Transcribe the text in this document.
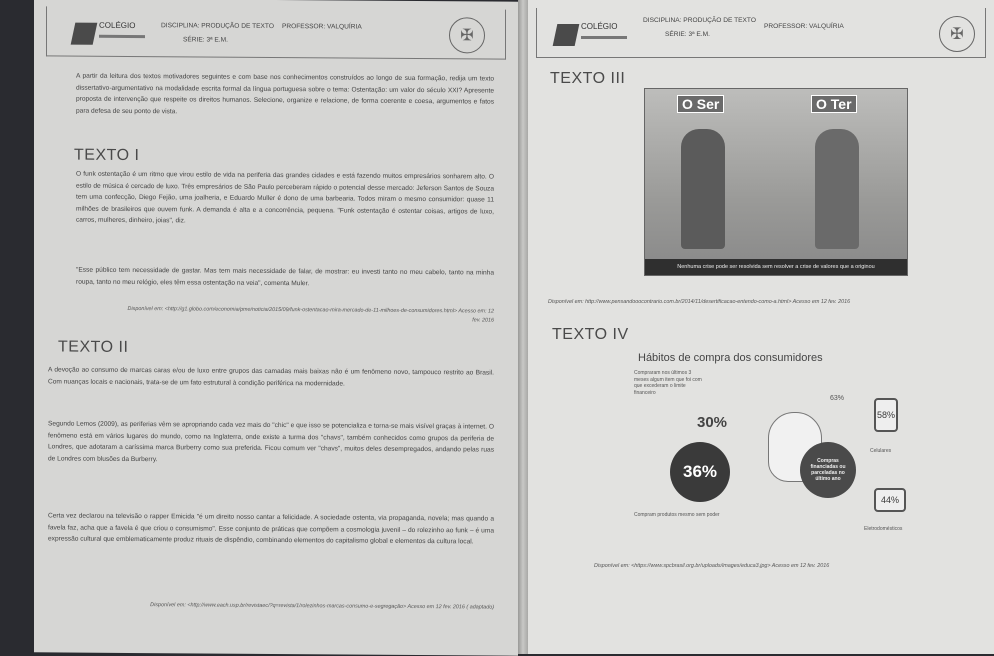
COLÉGIO	DISCIPLINA: PRODUÇÃO DE TEXTO
SÉRIE: 3ª E.M.
PROFESSOR: VALQUÍRIA
✠
A partir da leitura dos textos motivadores seguintes e com base nos conhecimentos construídos ao longo de sua formação, redija um texto dissertativo-argumentativo na modalidade escrita formal da língua portuguesa sobre o tema: Ostentação: um valor do século XXI? Apresente proposta de intervenção que respeite os direitos humanos. Selecione, organize e relacione, de forma coerente e coesa, argumentos e fatos para defesa de seu ponto de vista.
TEXTO I
O funk ostentação é um ritmo que virou estilo de vida na periferia das grandes cidades e está fazendo muitos empresários sonharem alto. O estilo de música é cercado de luxo. Três empresários de São Paulo perceberam rápido o potencial desse mercado: Jeferson Santos de Souza tem uma confecção, Diego Fejão, uma joalheria, e Eduardo Muller é dono de uma barbearia. Todos miram o mesmo consumidor: quase 11 milhões de brasileiros que ouvem funk. A demanda é alta e a concorrência, pequena. "Funk ostentação é ostentar coisas, artigos de luxo, carros, mulheres, dinheiro, joias", diz.
"Esse público tem necessidade de gastar. Mas tem mais necessidade de falar, de mostrar: eu investi tanto no meu cabelo, tanto na minha roupa, tanto no meu relógio, eles têm essa ostentação na veia", comenta Muler.
Disponível em: <http://g1.globo.com/economia/pme/noticia/2015/09/funk-ostentacao-mira-mercado-de-11-milhoes-de-consumidores.html> Acesso em: 12 fev. 2016
TEXTO II
A devoção ao consumo de marcas caras e/ou de luxo entre grupos das camadas mais baixas não é um fenômeno novo, tampouco restrito ao Brasil. Com nuanças locais e nacionais, trata-se de um fato estrutural à condição periférica na modernidade.
Segundo Lemos (2009), as periferias vêm se apropriando cada vez mais do "chic" e que isso se potencializa e torna-se mais visível graças à internet. O fenômeno está em vários lugares do mundo, como na Inglaterra, onde existe a turma dos "chavs", também conhecidos como grupos da periferia de Londres, que adotaram a caríssima marca Burberry como sua preferida. Ficou comum ver "chavs", muitos deles desempregados, andando pelas ruas de Londres com blusões da Burberry.
Certa vez declarou na televisão o rapper Emicida "é um direito nosso cantar a felicidade. A sociedade ostenta, via propaganda, novela; mas quando a favela faz, acha que a favela é que criou o consumismo". Esse conjunto de práticas que compõem a cosmologia juvenil – do rolezinho ao funk – é uma expressão cultural que emblematicamente produz rituais de dispêndio, combinando elementos do capitalismo global e elementos da cultura local.
Disponível em: <http://www.each.usp.br/revistaec/?q=revista/1/rolezinhos-marcas-consumo-e-segregação> Acesso em 12 fev. 2016 ( adaptado)
COLÉGIO
DISCIPLINA: PRODUÇÃO DE TEXTO
SÉRIE: 3ª E.M.
PROFESSOR: VALQUÍRIA	✠
TEXTO III
O Ser	O Ter
Nenhuma crise pode ser resolvida sem resolver a crise de valores que a originou
Disponível em: http://www.pensandooocontrario.com.br/2014/11/desertificacao-entendo-como-a.html> Acesso em 12 fev. 2016
TEXTO IV
Hábitos de compra dos consumidores
Compraram nos últimos 3 meses algum item que foi com que excederam o limite financeiro
30%
36%
Compram produtos mesmo sem poder
Compras financiadas ou parceladas no último ano
63%
58%
Celulares
44%
Eletrodomésticos
Disponível em: <https://www.spcbrasil.org.br/uploads/images/educa3.jpg> Acesso em 12 fev. 2016
